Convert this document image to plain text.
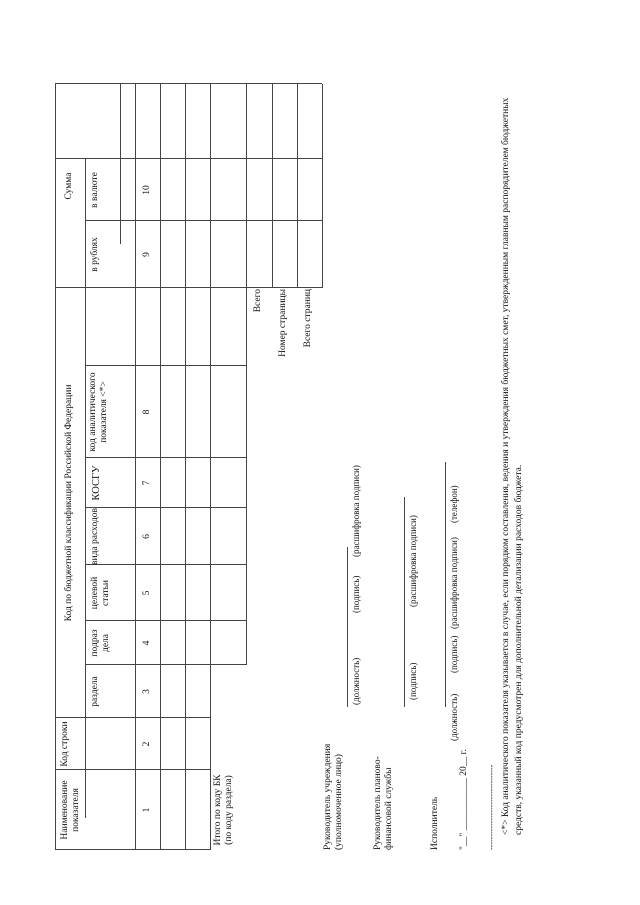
Наименование показателя
Код строки
Код по бюджетной классификации Российской Федерации
раздела
подраз дела
целевой статьи
вида расходов
КОСГУ
код аналитического показателя <*>
Сумма
в рублях
в валюте
1
2
3
4
5
6
7
8
9
10
Итого по коду БК (по коду раздела)
Всего Номер страницы Всего страниц
Руководитель учреждения (уполномоченное лицо)
(должность)
(подпись)
(расшифровка подписи)
Руководитель планово-финансовой службы
(подпись)
(расшифровка подписи)
Исполнитель
(должность)
(подпись)
(расшифровка подписи)
(телефон)
"__" ___________ 20__ г. -------------------------------- <*> Код аналитического показателя указывается в случае, если порядком составления, ведения и утверждения бюджетных смет, утвержденным главным распорядителем бюджетных средств, указанный код предусмотрен для дополнительной детализации расходов бюджета.
